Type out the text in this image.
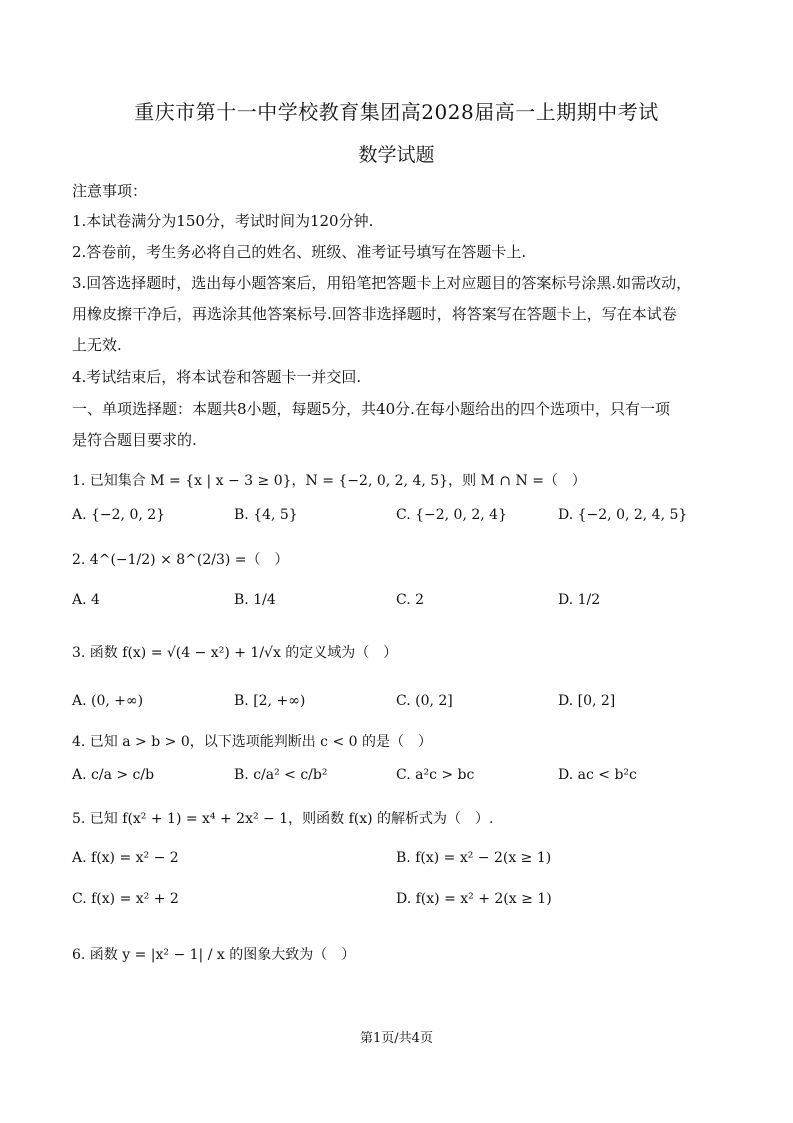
重庆市第十一中学校教育集团高2028届高一上期期中考试
数学试题
注意事项：
1.本试卷满分为150分，考试时间为120分钟.
2.答卷前，考生务必将自己的姓名、班级、准考证号填写在答题卡上.
3.回答选择题时，选出每小题答案后，用铅笔把答题卡上对应题目的答案标号涂黑.如需改动，
用橡皮擦干净后，再选涂其他答案标号.回答非选择题时，将答案写在答题卡上，写在本试卷
上无效.
4.考试结束后，将本试卷和答题卡一并交回.
一、单项选择题：本题共8小题，每题5分，共40分.在每小题给出的四个选项中，只有一项
是符合题目要求的.
1. 已知集合 M = {x | x − 3 ≥ 0}，N = {−2, 0, 2, 4, 5}，则 M ∩ N =（　）
A. {−2, 0, 2}	B. {4, 5}	C. {−2, 0, 2, 4}	D. {−2, 0, 2, 4, 5}
2. 4^(−1/2) × 8^(2/3) =（　）
A. 4	B. 1/4	C. 2	D. 1/2
3. 函数 f(x) = √(4 − x²) + 1/√x 的定义域为（　）
A. (0, +∞)	B. [2, +∞)	C. (0, 2]	D. [0, 2]
4. 已知 a > b > 0，以下选项能判断出 c < 0 的是（　）
A. c/a > c/b	B. c/a² < c/b²	C. a²c > bc	D. ac < b²c
5. 已知 f(x² + 1) = x⁴ + 2x² − 1，则函数 f(x) 的解析式为（　）.
A. f(x) = x² − 2	B. f(x) = x² − 2(x ≥ 1)
C. f(x) = x² + 2	D. f(x) = x² + 2(x ≥ 1)
6. 函数 y = |x² − 1| / x 的图象大致为（　）
第1页/共4页
